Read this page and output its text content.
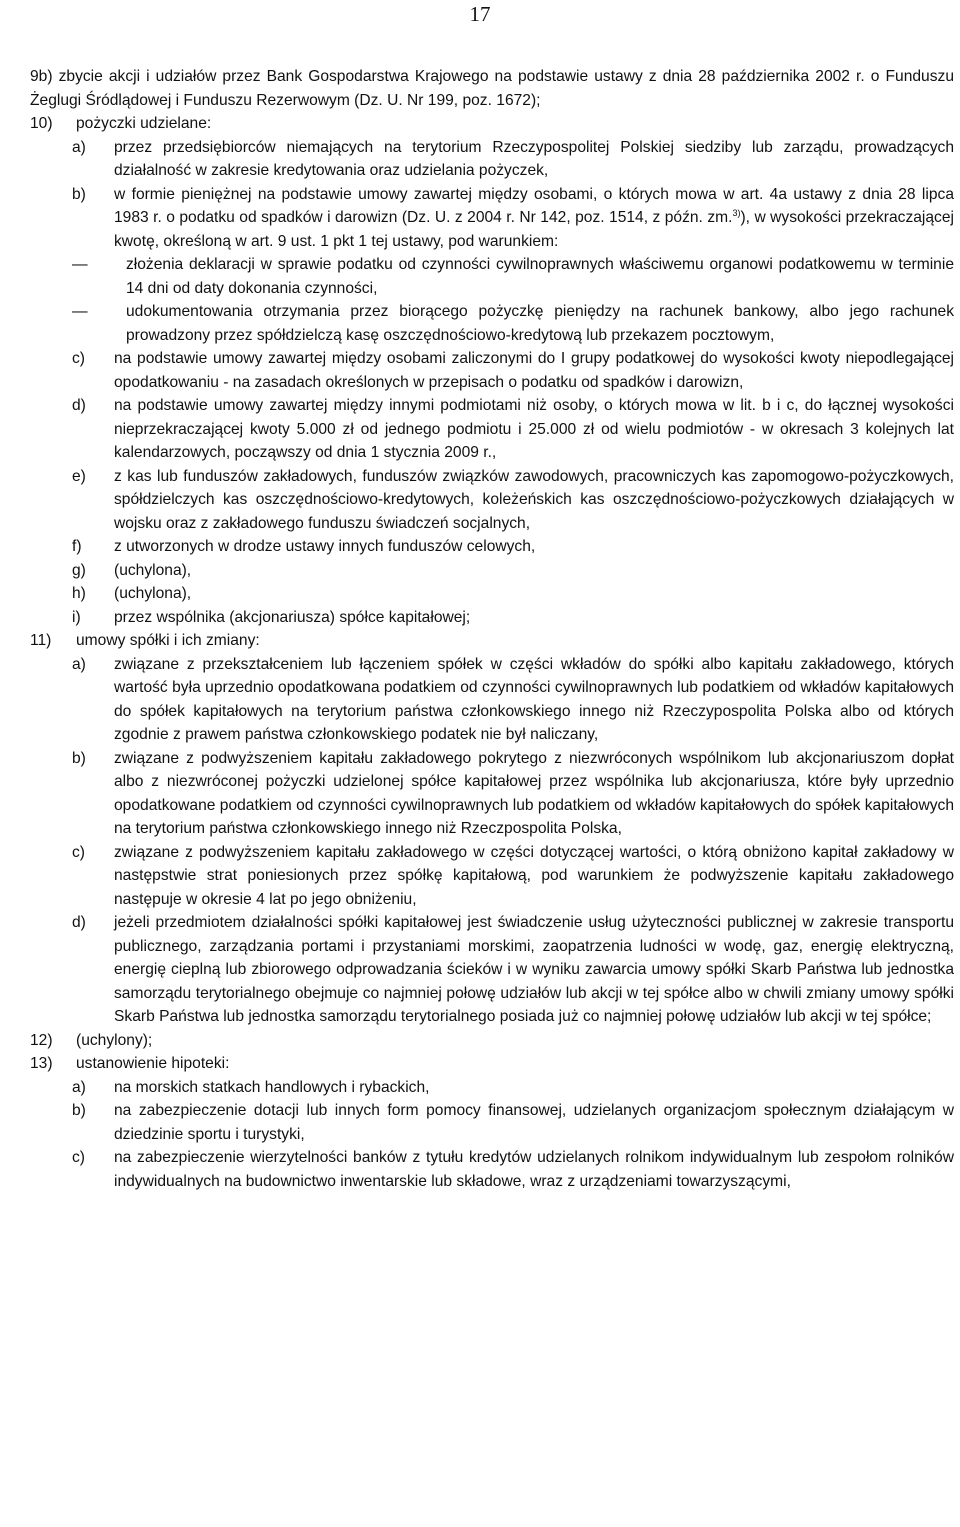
17

9b) zbycie akcji i udziałów przez Bank Gospodarstwa Krajowego na podstawie ustawy z dnia 28 października 2002 r. o Funduszu Żeglugi Śródlądowej i Funduszu Rezerwowym (Dz. U. Nr 199, poz. 1672);

10)	pożyczki udzielane:
a)	przez przedsiębiorców niemających na terytorium Rzeczypospolitej Polskiej siedziby lub zarządu, prowadzących działalność w zakresie kredytowania oraz udzielania pożyczek,
b)	w formie pieniężnej na podstawie umowy zawartej między osobami, o których mowa w art. 4a ustawy z dnia 28 lipca 1983 r. o podatku od spadków i darowizn (Dz. U. z 2004 r. Nr 142, poz. 1514, z późn. zm.$^{3)}$), w wysokości przekraczającej kwotę, określoną w art. 9 ust. 1 pkt 1 tej ustawy, pod warunkiem:
—	złożenia deklaracji w sprawie podatku od czynności cywilnoprawnych właściwemu organowi podatkowemu w terminie 14 dni od daty dokonania czynności,
—	udokumentowania otrzymania przez biorącego pożyczkę pieniędzy na rachunek bankowy, albo jego rachunek prowadzony przez spółdzielczą kasę oszczędnościowo-kredytową lub przekazem pocztowym,
c)	na podstawie umowy zawartej między osobami zaliczonymi do I grupy podatkowej do wysokości kwoty niepodlegającej opodatkowaniu - na zasadach określonych w przepisach o podatku od spadków i darowizn,
d)	na podstawie umowy zawartej między innymi podmiotami niż osoby, o których mowa w lit. b i c, do łącznej wysokości nieprzekraczającej kwoty 5.000 zł od jednego podmiotu i 25.000 zł od wielu podmiotów - w okresach 3 kolejnych lat kalendarzowych, począwszy od dnia 1 stycznia 2009 r.,
e)	z kas lub funduszów zakładowych, funduszów związków zawodowych, pracowniczych kas zapomogowo-pożyczkowych, spółdzielczych kas oszczędnościowo-kredytowych, koleżeńskich kas oszczędnościowo-pożyczkowych działających w wojsku oraz z zakładowego funduszu świadczeń socjalnych,
f)	z utworzonych w drodze ustawy innych funduszów celowych,
g)	(uchylona),
h)	(uchylona),
i)	przez wspólnika (akcjonariusza) spółce kapitałowej;
11)	umowy spółki i ich zmiany:
a)	związane z przekształceniem lub łączeniem spółek w części wkładów do spółki albo kapitału zakładowego, których wartość była uprzednio opodatkowana podatkiem od czynności cywilnoprawnych lub podatkiem od wkładów kapitałowych do spółek kapitałowych na terytorium państwa członkowskiego innego niż Rzeczypospolita Polska albo od których zgodnie z prawem państwa członkowskiego podatek nie był naliczany,
b)	związane z podwyższeniem kapitału zakładowego pokrytego z niezwróconych wspólnikom lub akcjonariuszom dopłat albo z niezwróconej pożyczki udzielonej spółce kapitałowej przez wspólnika lub akcjonariusza, które były uprzednio opodatkowane podatkiem od czynności cywilnoprawnych lub podatkiem od wkładów kapitałowych do spółek kapitałowych na terytorium państwa członkowskiego innego niż Rzeczpospolita Polska,
c)	związane z podwyższeniem kapitału zakładowego w części dotyczącej wartości, o którą obniżono kapitał zakładowy w następstwie strat poniesionych przez spółkę kapitałową, pod warunkiem że podwyższenie kapitału zakładowego następuje w okresie 4 lat po jego obniżeniu,
d)	jeżeli przedmiotem działalności spółki kapitałowej jest świadczenie usług użyteczności publicznej w zakresie transportu publicznego, zarządzania portami i przystaniami morskimi, zaopatrzenia ludności w wodę, gaz, energię elektryczną, energię cieplną lub zbiorowego odprowadzania ścieków i w wyniku zawarcia umowy spółki Skarb Państwa lub jednostka samorządu terytorialnego obejmuje co najmniej połowę udziałów lub akcji w tej spółce albo w chwili zmiany umowy spółki Skarb Państwa lub jednostka samorządu terytorialnego posiada już co najmniej połowę udziałów lub akcji w tej spółce;
12)	(uchylony);
13)	ustanowienie hipoteki:
a)	na morskich statkach handlowych i rybackich,
b)	na zabezpieczenie dotacji lub innych form pomocy finansowej, udzielanych organizacjom społecznym działającym w dziedzinie sportu i turystyki,
c)	na zabezpieczenie wierzytelności banków z tytułu kredytów udzielanych rolnikom indywidualnym lub zespołom rolników indywidualnych na budownictwo inwentarskie lub składowe, wraz z urządzeniami towarzyszącymi,
